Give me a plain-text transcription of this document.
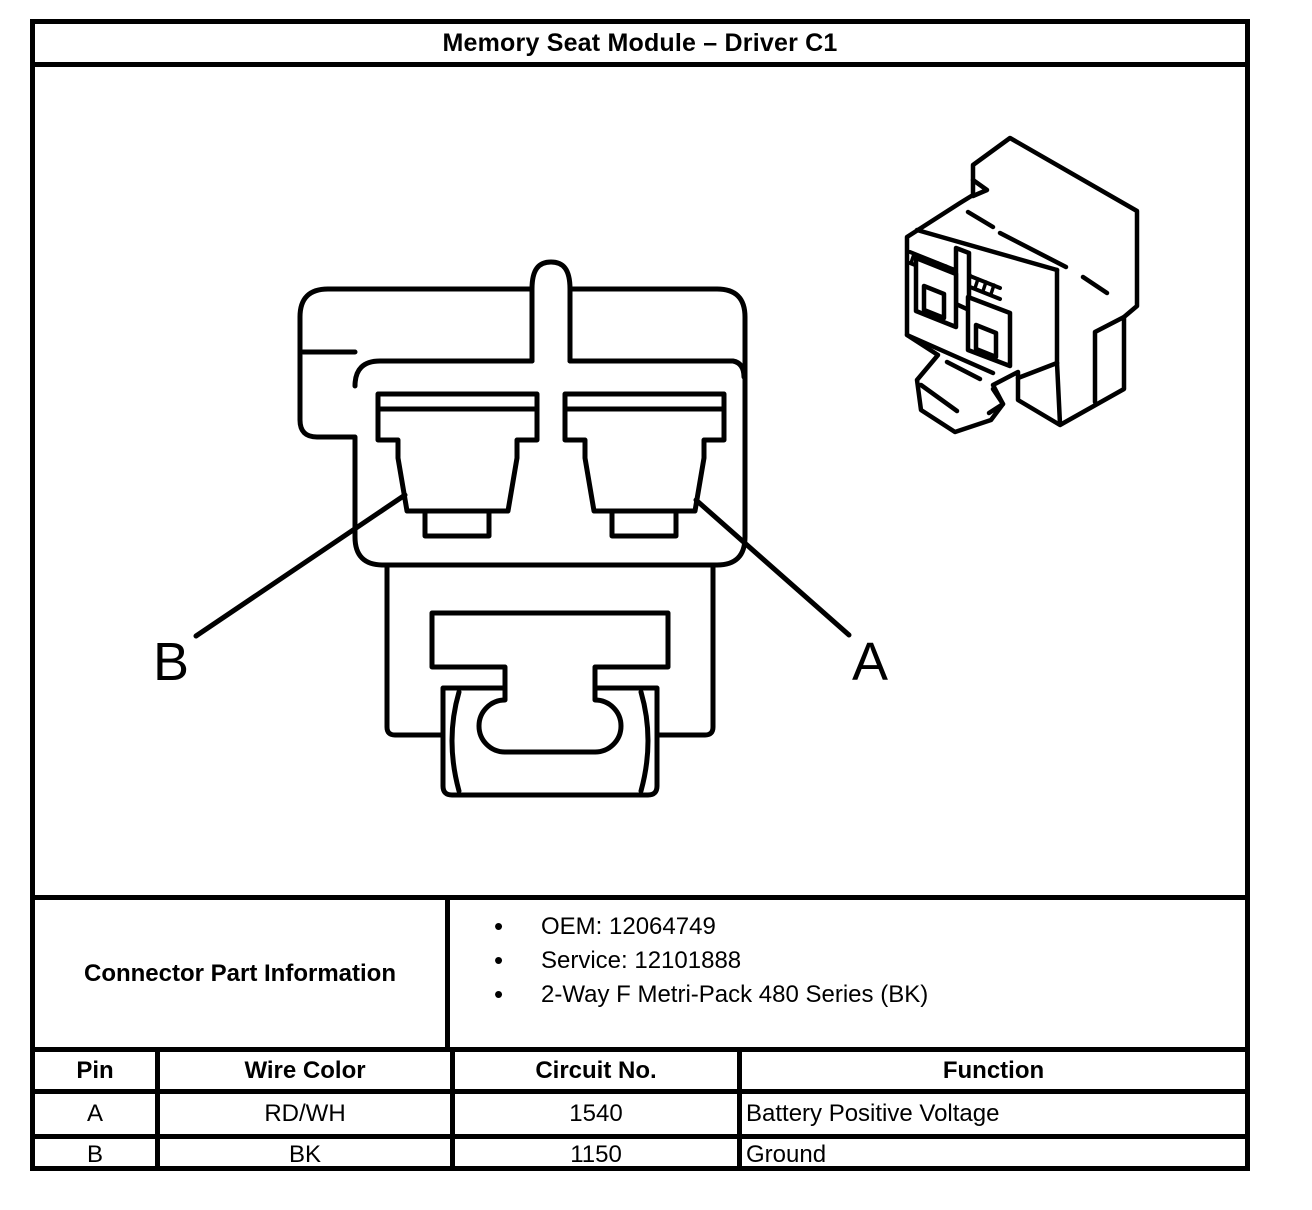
Memory Seat Module – Driver C1
B	A
Connector Part Information
•	OEM: 12064749
•	Service: 12101888
•	2-Way F Metri-Pack 480 Series (BK)
Pin	Wire Color	Circuit No.	Function
A	RD/WH	1540	Battery Positive Voltage
B	BK	1150	Ground
